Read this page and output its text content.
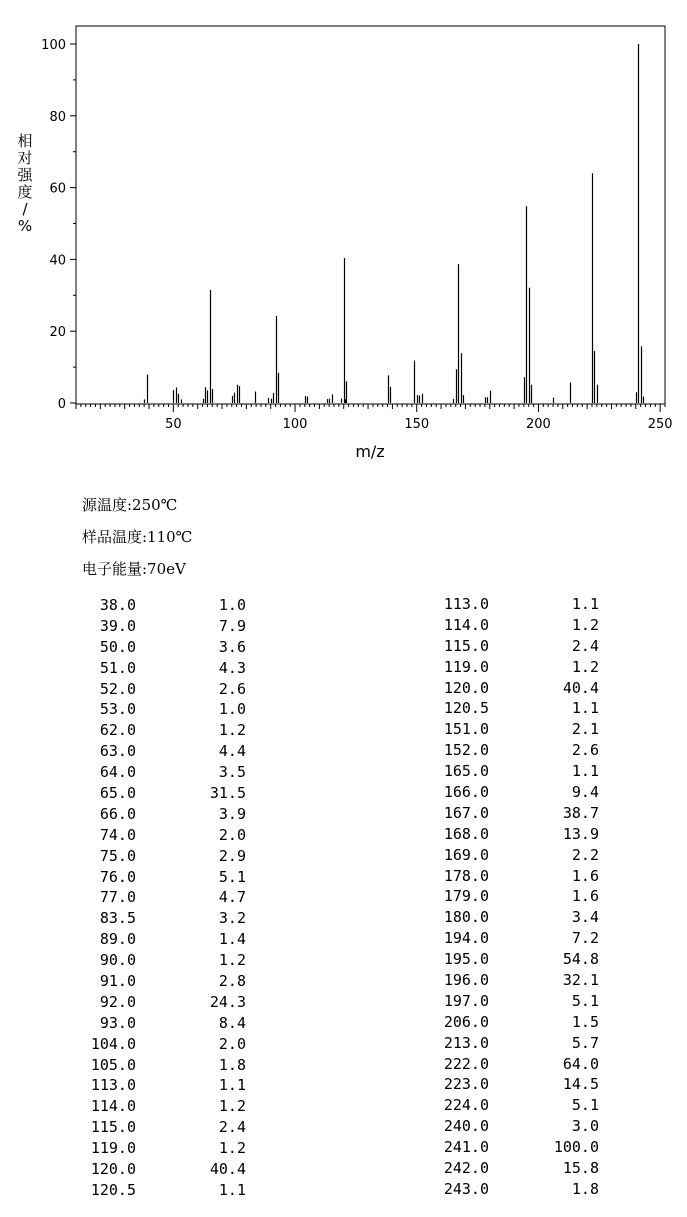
0
20
40
60
80
100
50	100	150	200	250
相
对
强
度
/
%
m/z
源温度:250℃
样品温度:110℃
电子能量:70eV
38.0	1.0
39.0	7.9
50.0	3.6
51.0	4.3
52.0	2.6
53.0	1.0
62.0	1.2
63.0	4.4
64.0	3.5
65.0	31.5
66.0	3.9
74.0	2.0
75.0	2.9
76.0	5.1
77.0	4.7
83.5	3.2
89.0	1.4
90.0	1.2
91.0	2.8
92.0	24.3
93.0	8.4
104.0	2.0
105.0	1.8
113.0	1.1
114.0	1.2
115.0	2.4
119.0	1.2
120.0	40.4
120.5	1.1
113.0	1.1
114.0	1.2
115.0	2.4
119.0	1.2
120.0	40.4
120.5	1.1
151.0	2.1
152.0	2.6
165.0	1.1
166.0	9.4
167.0	38.7
168.0	13.9
169.0	2.2
178.0	1.6
179.0	1.6
180.0	3.4
194.0	7.2
195.0	54.8
196.0	32.1
197.0	5.1
206.0	1.5
213.0	5.7
222.0	64.0
223.0	14.5
224.0	5.1
240.0	3.0
241.0	100.0
242.0	15.8
243.0	1.8
